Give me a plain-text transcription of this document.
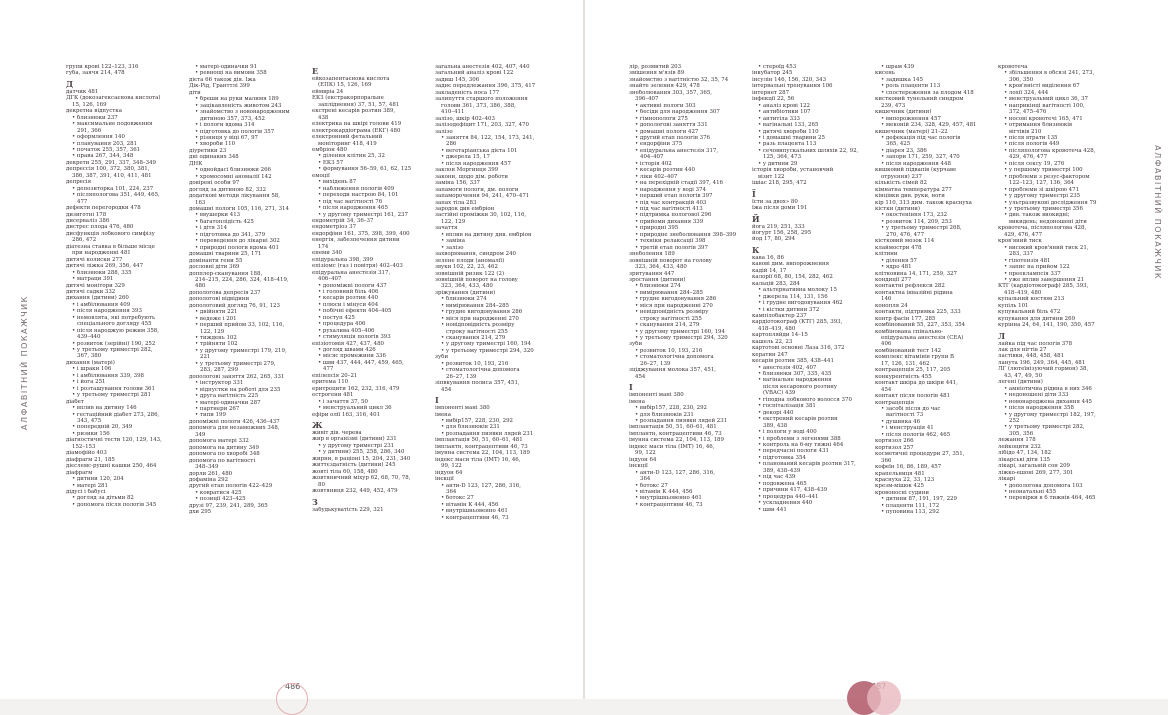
АЛФАВІТНИЙ ПОКАЖЧИК
групи крові 122–123, 316
губа, заячя 214, 478
Д
датчик 481
ДГК (докозагексаєнова кислота)
15, 126, 169
декретна відпустка
• близнюки 237
• максимальне подовження
291, 366
• оформлення 140
• планування 203, 281
• початок 255, 357, 361
• права 267, 344, 348
декрети 255, 291, 337, 348–349
депрессія 100, 372, 380, 381,
386, 387, 391, 410, 411, 481
депресія
• депозиторка 101, 224, 237
• післяпологова 351, 449, 465,
477
дефекти перегородки 478
дизиготні 178
дисерваліз 386
дистрес плода 476, 480
дисфункція лобкового симфізу
286, 472
діатезна ставка в більше місце
при народженні 481
дитячі колиски 277
дитячі ліжка 269, 356, 447
• близнюки 288, 335
• матраци 391
дитячі монітори 329
дитячі садки 332
дихання (дитини) 260
• і амбілювання 409
• після народження 393
• немовлята, які потребують
спеціального догляду 455
• після народжую режим 358,
439–440
• розвиток (зерійні) 190, 252
• у третьому триместрі 282,
367, 380
дихання (матері)
• і шраки 106
• і амбілювання 339, 398
• і йога 251
• і розташування голови 361
• у третьому триместрі 281
діабет
• вплив на дитину 146
• гестаційний діабет 273, 286,
343, 475
• попередній 20, 349
• ризики 156
діагностичні тести 120, 129, 143,
152–153
діамофійо 403
діафрагм 21, 185
дієслемс-рушні кашки 250, 464
діафрагм
• дитини 120, 204
• матері 281
дідусі і бабусі
• догляд за дітьми 82
• допомога після пологів 345
• матері-одиначки 91
• ревнощі на вимови 358
дієта 66 також дія. Їжа
Дік-Рід, Гранттлі 399
діти
• бреши на руки малимя 189
• зацікавленість животом 243
• знайомство з новонародженим
дитиною 357, 373, 452
• і пологи вдома 314
• підготовка до пологів 357
• різниця у віці 67, 97
• хвороби 110
діуретики 23
дні одинаких 348
ДНК
• однойдасі близнюки 266
• хромосомні аномалії 142
довірені особи 97
догляд за дитиною 82, 332
додаткові методи лікування 58,
163
домашні пологи 105, 116, 271, 314
• ввушерки 413
• багатоплідість 425
• і дітя 314
• підготовка до 341, 379
• переведення до лікарні 302
• природні пологи вдома 401
домашні тварини 25, 171
домінанти гени 55
дословні діти 369
допплер-сканування 188,
214–215, 224, 286, 324, 418–419,
480
допологова депресія 237
допологові відвідини
допологовий догляд 76, 91, 123
• двійняти 221
• ведеже і 201
• перший прийом 33, 102, 116,
122, 129
• тиждень 102
• трійняти 102
• у другому триместрі 179, 219,
221
• у третьому триместрі 279,
283, 287, 299
допологові заняття 262, 265, 331
• інструктор 331
• відпустки на роботі для 235
• друга вагітність 225
• матері-одиначки 287
• партнери 267
• типи 199
допоміжні пологи 426, 436–437
допомога для незаможних 348,
349
допомога матері 332
допомога на дитину 349
допомога по хворобі 348
допомога по вагітності
348–349
дорли 261, 480
дофаміна 292
другий етап пологів 422–429
• ковратися 425
• позиції 423–425
друзі 97, 239, 241, 289, 365
дхи 295
Е
ейкозапентаєнова кислота
(ЕПК) 15, 126, 169
еймвріа 24
ЕКЗ (екстракорпоральне
запліднення) 37, 51, 57, 481
екстрені кесарів розтин 389,
438
електрика на шкірі голови 419
електрокардіограма (ЕКГ) 480
електронний фетальний
моніторинг 418, 419
ембріон 480
• ділення клітин 25, 32
• ЕКЗ 57
• формування 56–59, 61, 62, 125
емоції
• вихідень 87
• наближення пологів 409
• переходи настрою 84, 101
• під час вагітності 76
• після народження 465
• у другому триместрі 161, 237
ендометрій 34, 36–37
ендометріоз 37
ендорфіни 161, 375, 398, 399, 400
енергія, забезпечення дитини
174
енеми 340
епідуральна 398, 399
епізіомс (газ і повітря) 402–403
епідуральна анестезія 317,
406–407
• допоміжні пологи 437
• і головний біль 406
• кесарів розтин 440
• плюси і мінуси 404
• побічні ефекти 404–405
• поступ 425
• процедура 406
• рухалива 405–406
• стимуляція пологів 393
епізіотомія 427, 437, 480
• догляд швами 426
• місяс промежини 336
• шви 437, 444, 447, 459, 465,
477
епілепсія 20–21
еритема 110
еритроцити 162, 232, 316, 479
естрогени 481
• і зачаття 37, 50
• менструальний цикл 36
ефіри олії 163, 316, 401
Ж
живіт дів. черева
жир в організмі (дитини) 231
• у другому триместрі 231
• у дитини) 255, 258, 286, 340
жирни, в раціоні 15, 204, 231, 340
життєздатність (дитини) 245
жовті тіла 60, 158, 480
жовтяничний міхур 62, 68, 70, 78,
80
жовтяниця 232, 449, 452, 479
З
забудькуватість 229, 321
загальна анестезія 402, 407, 440
загальний аналіз крові 122
задиш 145, 306
заднє передлежання 396, 375, 417
закладеність носа 177
залипуття старшого положення
голови 361, 373, 386, 388,
410–411
залізо, шкір 402–403
залізодефіцит 171, 203, 327, 470
залізо
• заняття 84, 122, 154, 173, 241,
286
• вегетаріанська дієта 101
• джерела 15, 17
• після народження 457
заклон Моргинця 399
закони, щодо дім. роботи
заміна 156, 337
запамоги пологи, дм. пологи
запаморочення 94, 241, 470–471
запах тіла 283
зародок див ембріон
застійні проміжки 30, 102, 116,
122, 129
зачаття
• вплив на дитину див. ембріон
• заміна
• залізо
захворювання, синдром 240
зелене плоди (аномалії)
звуки 102, 22, 23, 462
зовнішній ризик 122 (2)
зовнішній поворот на голову
323, 364, 433, 480
зріжування (дитини)
• близнюки 274
• вимірювання 284–285
• грудне вигодовування 286
• міся при народженні 270
• новідповідність розміру
строку вагітності 255
• сканування 214, 279
• у другому триместрі 160, 194
• у третьому триместрі 294, 320
зуби
• розвиток 10, 193, 216
• стоматологічна допомога
26–27, 139
зіпвкування полиса 357, 451,
454
І
імпоненті мані 380
імена
• вибір157, 228, 230, 292
• для близнюків 231
• розпадання пиявки лядей 231
імплантація 50, 51, 60–61, 481
імплантн, контрацептиви 46, 73
імунна система 22, 104, 113, 189
індекс маси тіла (ІМТ) 16, 46,
99, 122
індуон 64
інєкції
• анти-D 123, 127, 286, 316,
364
• ботокс 27
• вітамін К 444, 456
• внутрішньовенно 461
• контрацептиви 46, 73
486
АЛФАВІТНИЙ ПОКАЖЧИК
лір, розмитий 203
змішення м'язів 89
знайомство з вагітністю 32, 35, 74
знайте зелення 429, 478
знеболювання 303, 357, 365,
396–407
• активні пологи 303
• бесіди для народження 307
• гімнопологи 275
• допологові заняття 331
• домашні пологи 427
• другий етап пологів 376
• ендорфіни 375
• епідуральна анестезія 317,
404–407
• історія 402
• кесарів розтин 440
• ліки 402–407
• на перехідній стадії 397, 416
• народження у воді 374
• перший етап пологів 397
• під час контракцій 403
• під час вагітності 413
• підтримка пологової 296
• прийоми дихання 339
• природні 395
• природне знеболювання 398–399
• техніки релаксації 398
• третій етап пологів 397
знеболення 189
зовнішній поворот на голову
323, 364, 433, 480
зритування 447
зростання (дитини)
• близнюки 274
• вимірювання 284–285
• грудне вигодовування 286
• міся при народженні 270
• невідповідність розміру
строку вагітності 255
• сканування 214, 279
• у другому триместрі 160, 194
• у третьому триместрі 294, 320
зуби
• розвиток 10, 193, 216
• стоматологічна допомога
26–27, 139
зціджування молока 357, 451,
454
І
імпоненті мані 380
імена
• вибір157, 228, 230, 292
• для близнюків 231
• розпадання пиявки лядей 231
імплантація 50, 51, 60–61, 481
імплантн, контрацептиви 46, 73
імунна система 22, 104, 113, 189
індекс маси тіла (ІМТ) 16, 46,
99, 122
індуон 64
інєкції
• анти-D 123, 127, 286, 316,
364
• ботокс 27
• вітамін К 444, 456
• внутрішньовенно 461
• контрацептиви 46, 73
• стероїд 453
інкубатор 245
інсулін 146, 156, 320, 343
інтервальні тренування 106
інтернет 287
інфекції 22, 56
• аналіз крові 122
• антибіотики 107
• антитіла 333
• вагінальні 133, 265
• дитячі хвороби 110
• і домашні тварини 25
• разь плацента 113
• сечовипускальних шляхів 22, 92,
125, 364, 473
• у дитини 29
історія хвороби, установчий
візит 122
ішіас 218, 295, 472
Ї
їсти за двох» 80
їжа після доми 191
Й
йога 219, 251, 333
йогурт 156, 258, 295
йод 17, 80, 294
К
кава 16, 86
кавові дим. випорожнення
кадій 14, 17
калорії 68, 80, 154, 282, 462
кальцій 283, 284
• альтернативна молоку 15
• джерела 114, 131, 156
• і грудне вигодовування 462
• і кістки дитини 372
кампілобактер 237
кардіотокограф (КТГ) 285, 393,
418–419, 480
картопляйди 14–15
кашель 22, 23
картотові основні Лаза 316, 372
кератин 247
кесарів розтин 385, 438–441
• анестезія 402, 407
• близнюки 307, 335, 435
• вагінальне народження
після кесарового розтину
(VBAC) 439
• гіподна лобкового волосся 370
• госпіталізація 381
• декорі 440
• екстрений кесарів розтин
389, 438
• і пологи у воді 400
• і проблеми з легенями 388
• контроль на 6-му тижні 464
• передчасні пологи 431
• підготовка 354
• планований кесарів розтин 317,
389, 438–439
• під час 439
• подовжена 465
• причини 417, 438–439
• процедура 440–441
• ускладнення 440
• шви 441
• шрам 439
кисень
• задишка 145
• роль плаценти 113
• спостереження за плодом 418
кистковий тунельний синдром
239, 473
кишечник (дитини)
• випорожнення 457
• меконій 234, 328, 429, 457, 481
кишечник (матері) 21–22
• дефекація під час пологів
365, 425
• діарея 23, 386
• запори 171, 259, 327, 470
• після народження 448
кишковий підвапів (курчаве
отруєння) 237
кількість сімей 82
кімнатна температура 277
кінцівки див. руки, ноги
кір 110, 313 дим. також краснуха
кістки (дитини)
• окостеніння 173, 232
• розвиток 114, 209, 253
• у третьому триместрі 268,
270, 476, 477
кістковий мозок 114
клаймостри 478
клітини
• ділення 57
• ядро 481
клітковина 14, 171, 259, 327
кондиції 277
контактні рефлекси 282
контактна інвазійні рідина
146
конопля 24
контакти, підтримка 225, 333
контр фасін 177, 285
комбінований 55, 227, 353, 354
комбінована спінально-
епідуральна анестезія (CEA)
406
комбінований тест 142
комплекс вітамінів групи В
17, 126, 131, 462
контрацепція 25, 117, 205
конкурентність 455
контакт шкіра до шкіри 441,
454
контакт після пологів 481
контрацепція
• засобі після до час
вагітності 73
• душинка 46
• і менструація 41
• після пологів 462, 465
кортизол 266
кортизол 257
косметичні процедури 27, 351,
366
кофеїн 16, 86, 189, 457
крапельниця 481
краснуха 22, 33, 123
крезм-мішок 425
кровоносні судини
• дитини 87, 191, 197, 229
• плаценти 111, 172
• пуповина 113, 292
кровотеча
• збільшення в обсязі 241, 273,
306, 350
• кров'яністі виділення 67
• лохії 324, 444
• менструальний цикл 36, 37
• наприкінці вагітності 100,
372, 475–476
• носові кровотечі 165, 471
• отримання близнюків
вігтівів 210
• після втрати 135
• після пологів 449
• післяпологова кровотеча 428,
429, 476, 477
• після сексу 19, 276
• у першому триместрі 100
• проблеми з резус-фактором
122–123, 127, 136, 364
• проблеми зі шкірою 471
• у другому триместрі 235
• ультразвукові дослідження 79
• у третьому триместрі 356
• див. також виокидні;
викидень; недоношені діти
кровотеча, післяпологова 428,
429, 476, 477
кров'яний тиск
• високий кров'яний тиск 21,
283, 337
• гіпотензія 481
• запис на прийом 122
• прееклампсія 337
• уже вплив завершення 21
КТГ (кардіотокограф) 285, 393,
418–419, 480
купальний костюм 213
купіль 101
купувальний біль 472
купування для дитини 269
курінна 24, 64, 141, 190, 350, 457
Л
лайка під час пологів 378
лак для нігтів 27
ластівки, 448, 458, 481
ланута 196, 249, 364, 445, 481
ЛГ (лютеїнізуючий гормон) 38,
43, 47, 49, 50
легені (дитини)
• амніотична рідина в них 346
• недоношені діти 333
• новонароджена дихання 445
• після народження 358
• у другому триместрі 182, 197,
252
• у третьому триместрі 282,
305, 356
лежання 178
лейкоцити 232
лібідо 47, 134, 182
лікарські діти 135
лікарі, загальній сон 209
ліжко-ешоні 269, 277, 301
лікарі
• допологова допомога 103
• неонатальні 455
• перевірки в 6 тижнів 464, 465
